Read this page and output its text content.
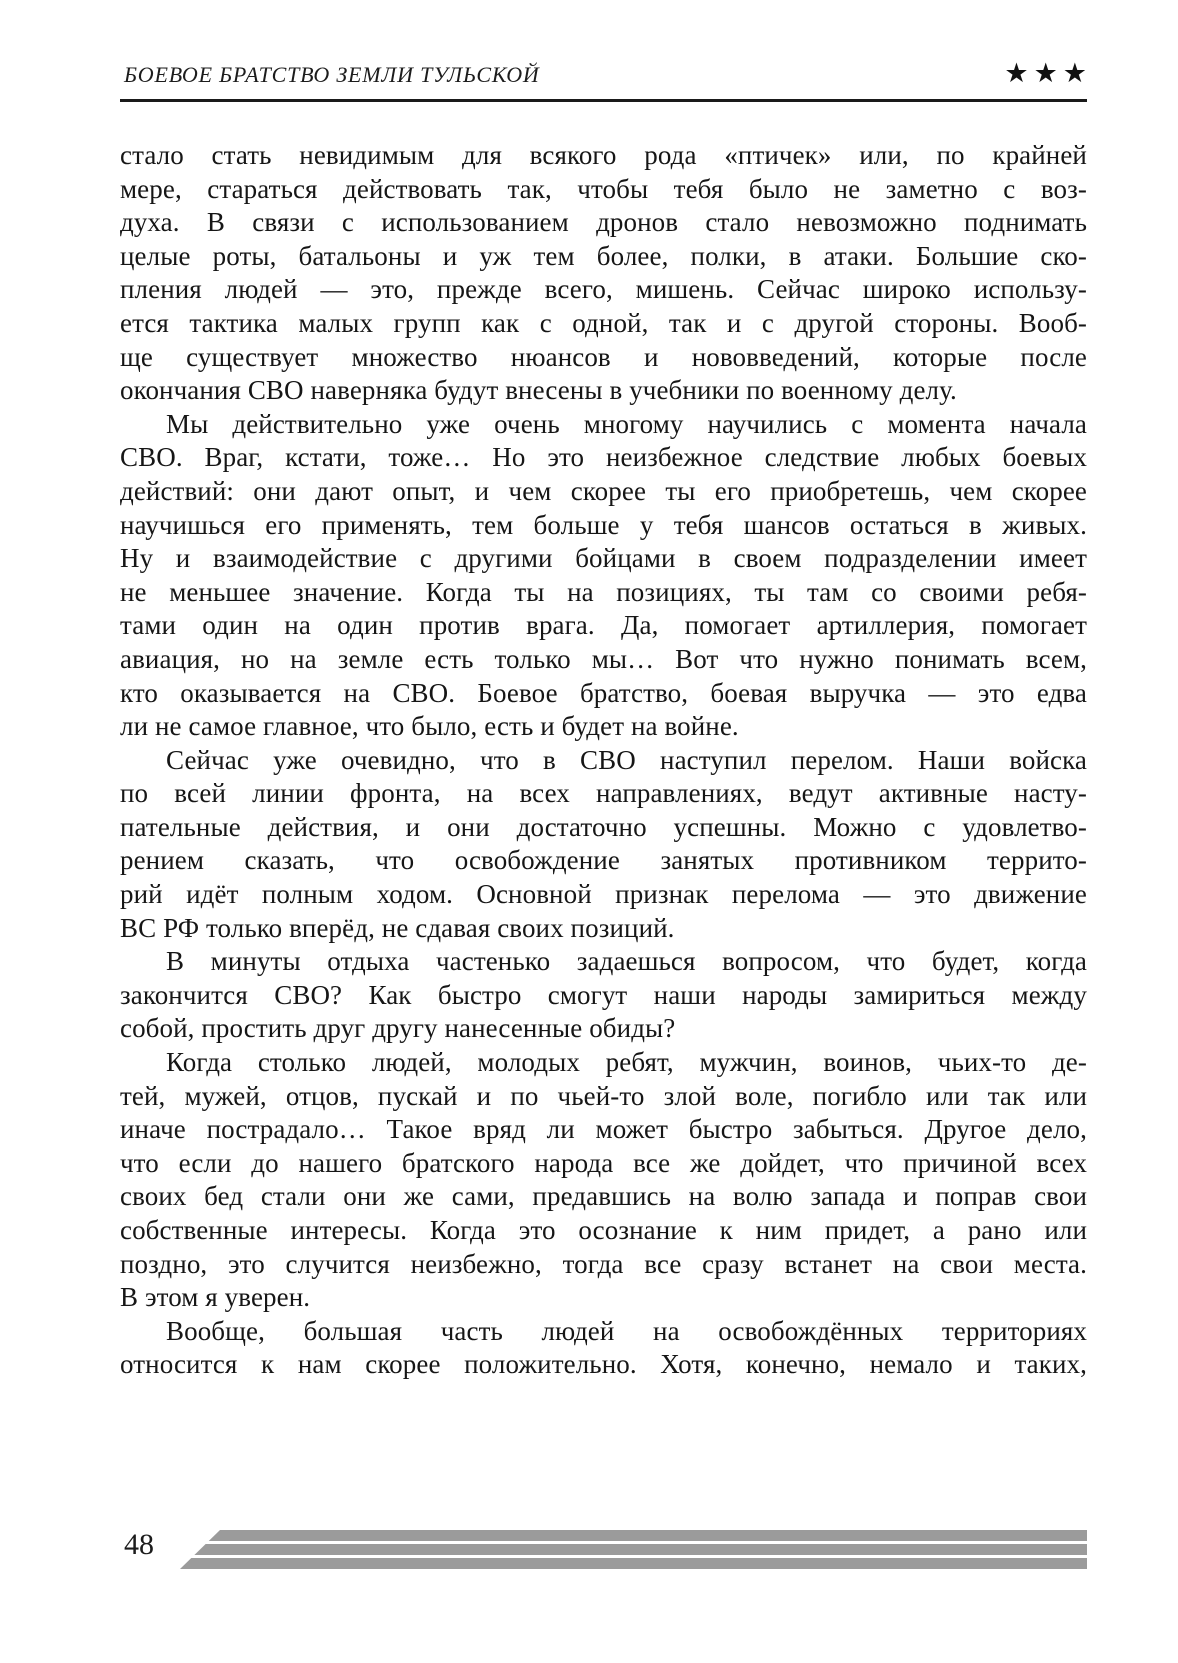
БОЕВОЕ БРАТСТВО ЗЕМЛИ ТУЛЬСКОЙ	★★★
стало стать невидимым для всякого рода «птичек» или, по крайней
мере, стараться действовать так, чтобы тебя было не заметно с воз-
духа. В связи с использованием дронов стало невозможно поднимать
целые роты, батальоны и уж тем более, полки, в атаки. Большие ско-
пления людей — это, прежде всего, мишень. Сейчас широко использу-
ется тактика малых групп как с одной, так и с другой стороны. Вооб-
ще существует множество нюансов и нововведений, которые после
окончания СВО наверняка будут внесены в учебники по военному делу.
Мы действительно уже очень многому научились с момента начала
СВО. Враг, кстати, тоже… Но это неизбежное следствие любых боевых
действий: они дают опыт, и чем скорее ты его приобретешь, чем скорее
научишься его применять, тем больше у тебя шансов остаться в живых.
Ну и взаимодействие с другими бойцами в своем подразделении имеет
не меньшее значение. Когда ты на позициях, ты там со своими ребя-
тами один на один против врага. Да, помогает артиллерия, помогает
авиация, но на земле есть только мы… Вот что нужно понимать всем,
кто оказывается на СВО. Боевое братство, боевая выручка — это едва
ли не самое главное, что было, есть и будет на войне.
Сейчас уже очевидно, что в СВО наступил перелом. Наши войска
по всей линии фронта, на всех направлениях, ведут активные насту-
пательные действия, и они достаточно успешны. Можно с удовлетво-
рением сказать, что освобождение занятых противником террито-
рий идёт полным ходом. Основной признак перелома — это движение
ВС РФ только вперёд, не сдавая своих позиций.
В минуты отдыха частенько задаешься вопросом, что будет, когда
закончится СВО? Как быстро смогут наши народы замириться между
собой, простить друг другу нанесенные обиды?
Когда столько людей, молодых ребят, мужчин, воинов, чьих-то де-
тей, мужей, отцов, пускай и по чьей-то злой воле, погибло или так или
иначе пострадало… Такое вряд ли может быстро забыться. Другое дело,
что если до нашего братского народа все же дойдет, что причиной всех
своих бед стали они же сами, предавшись на волю запада и поправ свои
собственные интересы. Когда это осознание к ним придет, а рано или
поздно, это случится неизбежно, тогда все сразу встанет на свои места.
В этом я уверен.
Вообще, большая часть людей на освобождённых территориях
относится к нам скорее положительно. Хотя, конечно, немало и таких,
48
